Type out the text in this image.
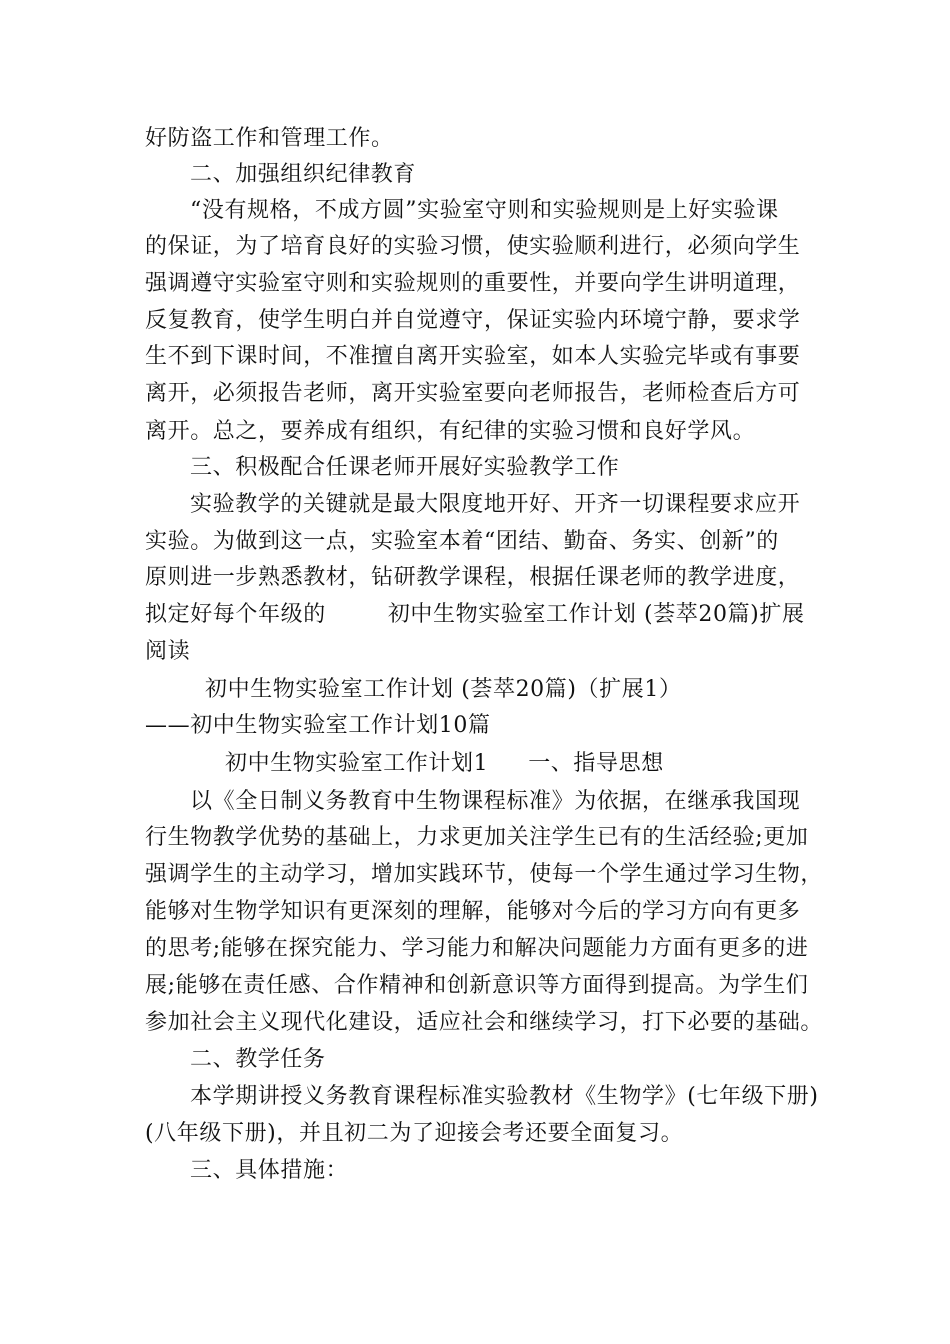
好防盗工作和管理工作。
二、加强组织纪律教育
“没有规格，不成方圆”实验室守则和实验规则是上好实验课
的保证，为了培育良好的实验习惯，使实验顺利进行，必须向学生
强调遵守实验室守则和实验规则的重要性，并要向学生讲明道理，
反复教育，使学生明白并自觉遵守，保证实验内环境宁静，要求学
生不到下课时间，不准擅自离开实验室，如本人实验完毕或有事要
离开，必须报告老师，离开实验室要向老师报告，老师检查后方可
离开。总之，要养成有组织，有纪律的实验习惯和良好学风。
三、积极配合任课老师开展好实验教学工作
实验教学的关键就是最大限度地开好、开齐一切课程要求应开
实验。为做到这一点，实验室本着“团结、勤奋、务实、创新”的
原则进一步熟悉教材，钻研教学课程，根据任课老师的教学进度，
拟定好每个年级的	初中生物实验室工作计划 (荟萃20篇)扩展
阅读
初中生物实验室工作计划 (荟萃20篇)（扩展1）
——初中生物实验室工作计划10篇
初中生物实验室工作计划1 一、指导思想
以《全日制义务教育中生物课程标准》为依据，在继承我国现
行生物教学优势的基础上，力求更加关注学生已有的生活经验;更加
强调学生的主动学习，增加实践环节，使每一个学生通过学习生物，
能够对生物学知识有更深刻的理解，能够对今后的学习方向有更多
的思考;能够在探究能力、学习能力和解决问题能力方面有更多的进
展;能够在责任感、合作精神和创新意识等方面得到提高。为学生们
参加社会主义现代化建设，适应社会和继续学习，打下必要的基础。
二、教学任务
本学期讲授义务教育课程标准实验教材《生物学》(七年级下册)
(八年级下册)，并且初二为了迎接会考还要全面复习。
三、具体措施：
